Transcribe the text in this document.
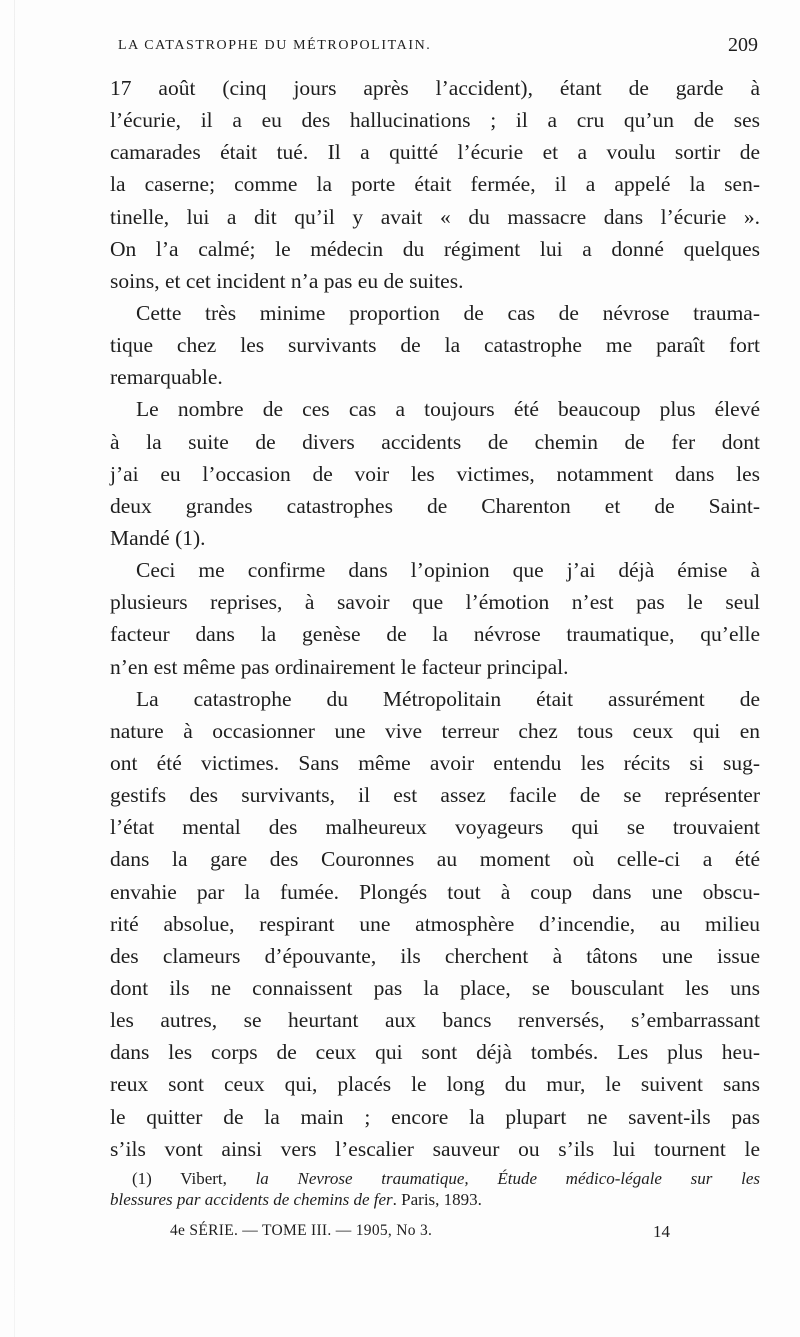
LA CATASTROPHE DU MÉTROPOLITAIN.	209
17 août (cinq jours après l’accident), étant de garde à
l’écurie, il a eu des hallucinations ; il a cru qu’un de ses
camarades était tué. Il a quitté l’écurie et a voulu sortir de
la caserne; comme la porte était fermée, il a appelé la sen-
tinelle, lui a dit qu’il y avait « du massacre dans l’écurie ».
On l’a calmé; le médecin du régiment lui a donné quelques
soins, et cet incident n’a pas eu de suites.
Cette très minime proportion de cas de névrose trauma-
tique chez les survivants de la catastrophe me paraît fort
remarquable.
Le nombre de ces cas a toujours été beaucoup plus élevé
à la suite de divers accidents de chemin de fer dont
j’ai eu l’occasion de voir les victimes, notamment dans les
deux grandes catastrophes de Charenton et de Saint-
Mandé (1).
Ceci me confirme dans l’opinion que j’ai déjà émise à
plusieurs reprises, à savoir que l’émotion n’est pas le seul
facteur dans la genèse de la névrose traumatique, qu’elle
n’en est même pas ordinairement le facteur principal.
La catastrophe du Métropolitain était assurément de
nature à occasionner une vive terreur chez tous ceux qui en
ont été victimes. Sans même avoir entendu les récits si sug-
gestifs des survivants, il est assez facile de se représenter
l’état mental des malheureux voyageurs qui se trouvaient
dans la gare des Couronnes au moment où celle-ci a été
envahie par la fumée. Plongés tout à coup dans une obscu-
rité absolue, respirant une atmosphère d’incendie, au milieu
des clameurs d’épouvante, ils cherchent à tâtons une issue
dont ils ne connaissent pas la place, se bousculant les uns
les autres, se heurtant aux bancs renversés, s’embarrassant
dans les corps de ceux qui sont déjà tombés. Les plus heu-
reux sont ceux qui, placés le long du mur, le suivent sans
le quitter de la main ; encore la plupart ne savent-ils pas
s’ils vont ainsi vers l’escalier sauveur ou s’ils lui tournent le
(1) Vibert, la Nevrose traumatique, Étude médico-légale sur les
blessures par accidents de chemins de fer. Paris, 1893.
4e SÉRIE. — TOME III. — 1905, No 3.	14
